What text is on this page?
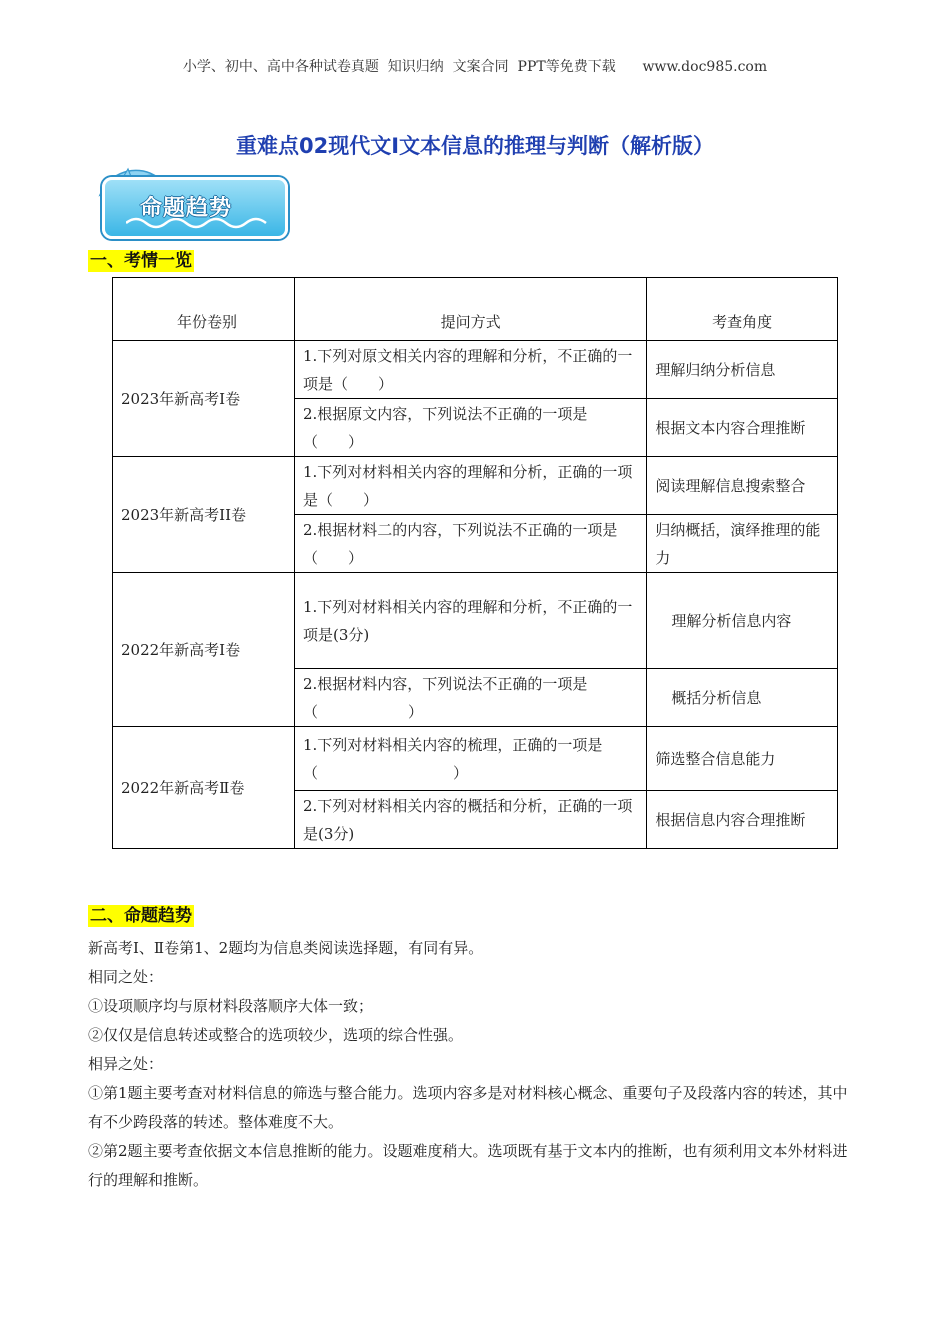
小学、初中、高中各种试卷真题  知识归纳  文案合同  PPT等免费下载      www.doc985.com
重难点02现代文I文本信息的推理与判断（解析版）
命题趋势
一、考情一览
年份卷别	提问方式	考查角度
2023年新高考I卷	1.下列对原文相关内容的理解和分析，不正确的一项是（　　）	理解归纳分析信息
	2.根据原文内容，下列说法不正确的一项是（　　）	根据文本内容合理推断
2023年新高考II卷	1.下列对材料相关内容的理解和分析，正确的一项是（　　）	阅读理解信息搜索整合
	2.根据材料二的内容，下列说法不正确的一项是（　　）	归纳概括，演绎推理的能力
2022年新高考I卷	1.下列对材料相关内容的理解和分析，不正确的一项是(3分)	理解分析信息内容
	2.根据材料内容，下列说法不正确的一项是（　　　　　　）	概括分析信息
2022年新高考Ⅱ卷	1.下列对材料相关内容的梳理，正确的一项是（　　　　　　　　　）	筛选整合信息能力
	2.下列对材料相关内容的概括和分析，正确的一项是(3分)	根据信息内容合理推断
二、命题趋势

新高考Ⅰ、Ⅱ卷第1、2题均为信息类阅读选择题，有同有异。

相同之处：

①设项顺序均与原材料段落顺序大体一致；

②仅仅是信息转述或整合的选项较少，选项的综合性强。

相异之处：

①第1题主要考查对材料信息的筛选与整合能力。选项内容多是对材料核心概念、重要句子及段落内容的转述，其中有不少跨段落的转述。整体难度不大。

②第2题主要考查依据文本信息推断的能力。设题难度稍大。选项既有基于文本内的推断，也有须利用文本外材料进行的理解和推断。
